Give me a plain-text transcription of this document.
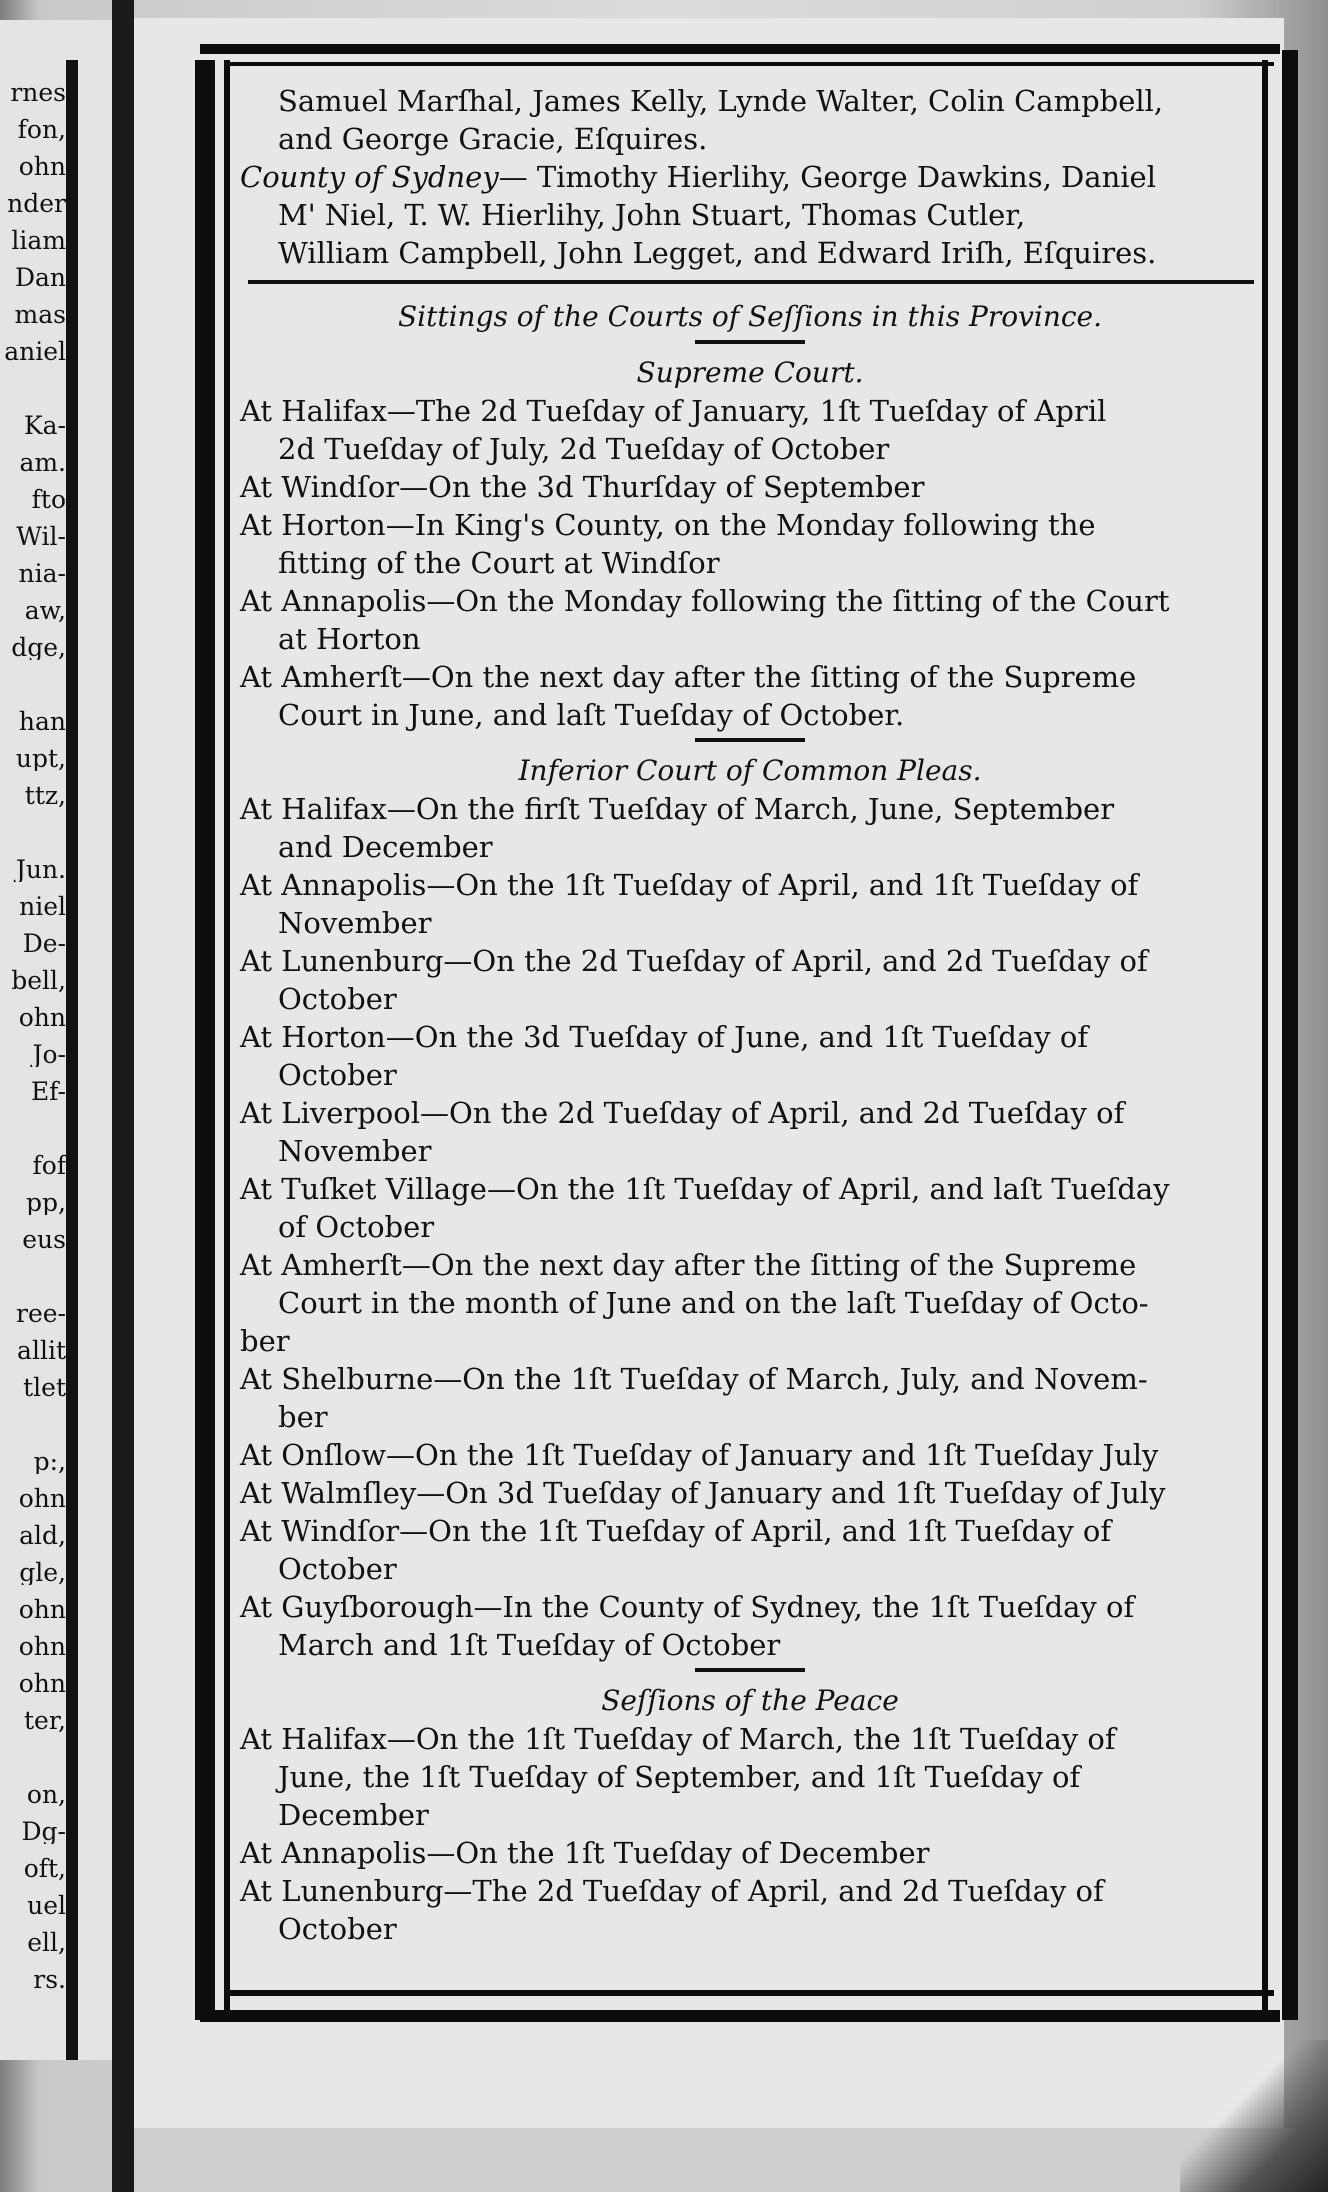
rnes
fon,
ohn
nder
liam
Dan
mas
aniel
Ka-
am.
fto
Wil-
nia-
aw,
dge,
han
upt,
ttz,
Jun.
niel
De-
bell,
ohn
Jo-
Ef-
fof
pp,
eus
ree-
allit
tlet
p:,
ohn
ald,
gle,
ohn
ohn
ohn
ter,
on,
Dg-
oft,
uel
ell,
rs.
Samuel Marſhal, James Kelly, Lynde Walter, Colin Campbell,
and George Gracie, Eſquires.
County of Sydney— Timothy Hierlihy, George Dawkins, Daniel
M' Niel, T. W. Hierlihy, John Stuart, Thomas Cutler,
William Campbell, John Legget, and Edward Iriſh, Eſquires.
Sittings of the Courts of Seſſions in this Province.
Supreme Court.
At Halifax—The 2d Tueſday of January, 1ſt Tueſday of April
2d Tueſday of July, 2d Tueſday of October
At Windſor—On the 3d Thurſday of September
At Horton—In King's County, on the Monday following the
fitting of the Court at Windſor
At Annapolis—On the Monday following the ſitting of the Court
at Horton
At Amherſt—On the next day after the ſitting of the Supreme
Court in June, and laſt Tueſday of October.
Inferior Court of Common Pleas.
At Halifax—On the firſt Tueſday of March, June, September
and December
At Annapolis—On the 1ſt Tueſday of April, and 1ſt Tueſday of
November
At Lunenburg—On the 2d Tueſday of April, and 2d Tueſday of
October
At Horton—On the 3d Tueſday of June, and 1ſt Tueſday of
October
At Liverpool—On the 2d Tueſday of April, and 2d Tueſday of
November
At Tuſket Village—On the 1ſt Tueſday of April, and laſt Tueſday
of October
At Amherſt—On the next day after the ſitting of the Supreme
Court in the month of June and on the laſt Tueſday of Octo-
ber
At Shelburne—On the 1ſt Tueſday of March, July, and Novem-
ber
At Onſlow—On the 1ſt Tueſday of January and 1ſt Tueſday July
At Walmſley—On 3d Tueſday of January and 1ſt Tueſday of July
At Windſor—On the 1ſt Tueſday of April, and 1ſt Tueſday of
October
At Guyſborough—In the County of Sydney, the 1ſt Tueſday of
March and 1ſt Tueſday of October
Seſſions of the Peace
At Halifax—On the 1ſt Tueſday of March, the 1ſt Tueſday of
June, the 1ſt Tueſday of September, and 1ſt Tueſday of
December
At Annapolis—On the 1ſt Tueſday of December
At Lunenburg—The 2d Tueſday of April, and 2d Tueſday of
October
